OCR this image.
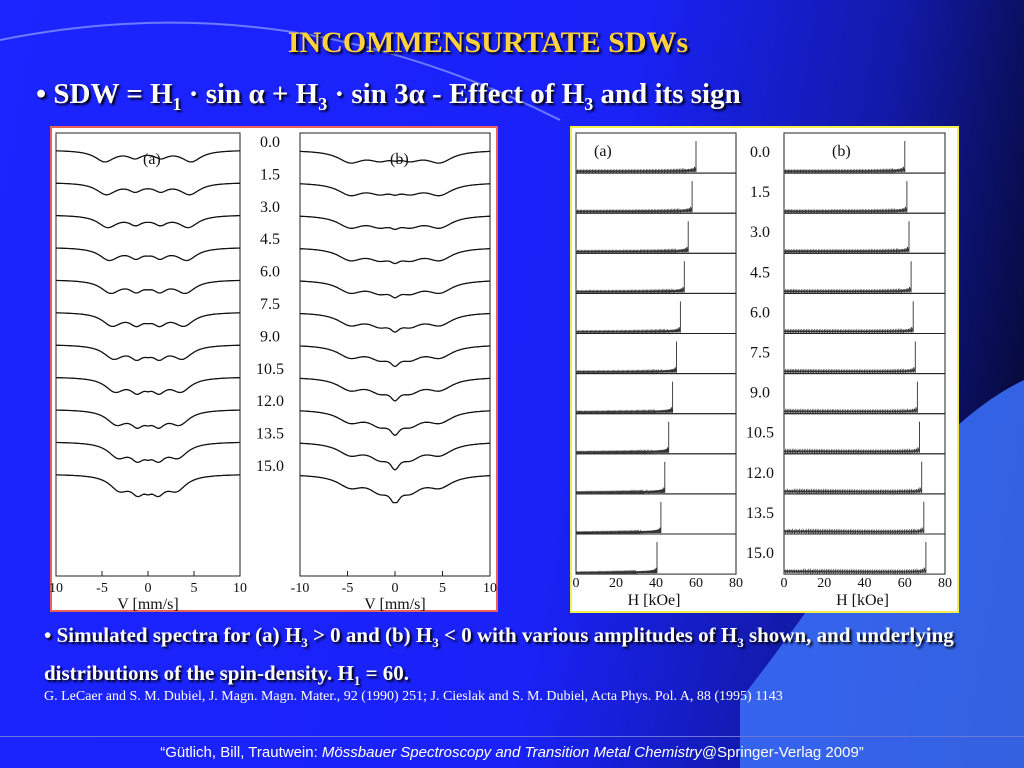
INCOMMENSURTATE SDWs
• SDW = $H_1 \cdot \sin \alpha + H_3 \cdot \sin 3\alpha$ - Effect of $H_3$ and its sign
(a)
10 -5	0	5	10
V [mm/s]
(b)
-10 -5	0	5	10
V [mm/s]
0.0
1.5
3.0
4.5
6.0
7.5
9.0
10.5
12.0
13.5
15.0
(a)
0 20 40 60 80
H [kOe]
(b)
0 20 40 60 80
H [kOe]
0.0
1.5
3.0
4.5
6.0
7.5
9.0
10.5
12.0
13.5
15.0
• Simulated spectra for (a) $H_3 > 0$ and (b) $H_3 < 0$ with various amplitudes of $H_3$ shown, and underlying distributions of the spin-density. $H_1 = 60$.
G. LeCaer and S. M. Dubiel, J. Magn. Magn. Mater., 92 (1990) 251; J. Cieslak and S. M. Dubiel, Acta Phys. Pol. A, 88 (1995) 1143
“Gütlich, Bill, Trautwein: Mössbauer Spectroscopy and Transition Metal Chemistry@Springer-Verlag 2009”
